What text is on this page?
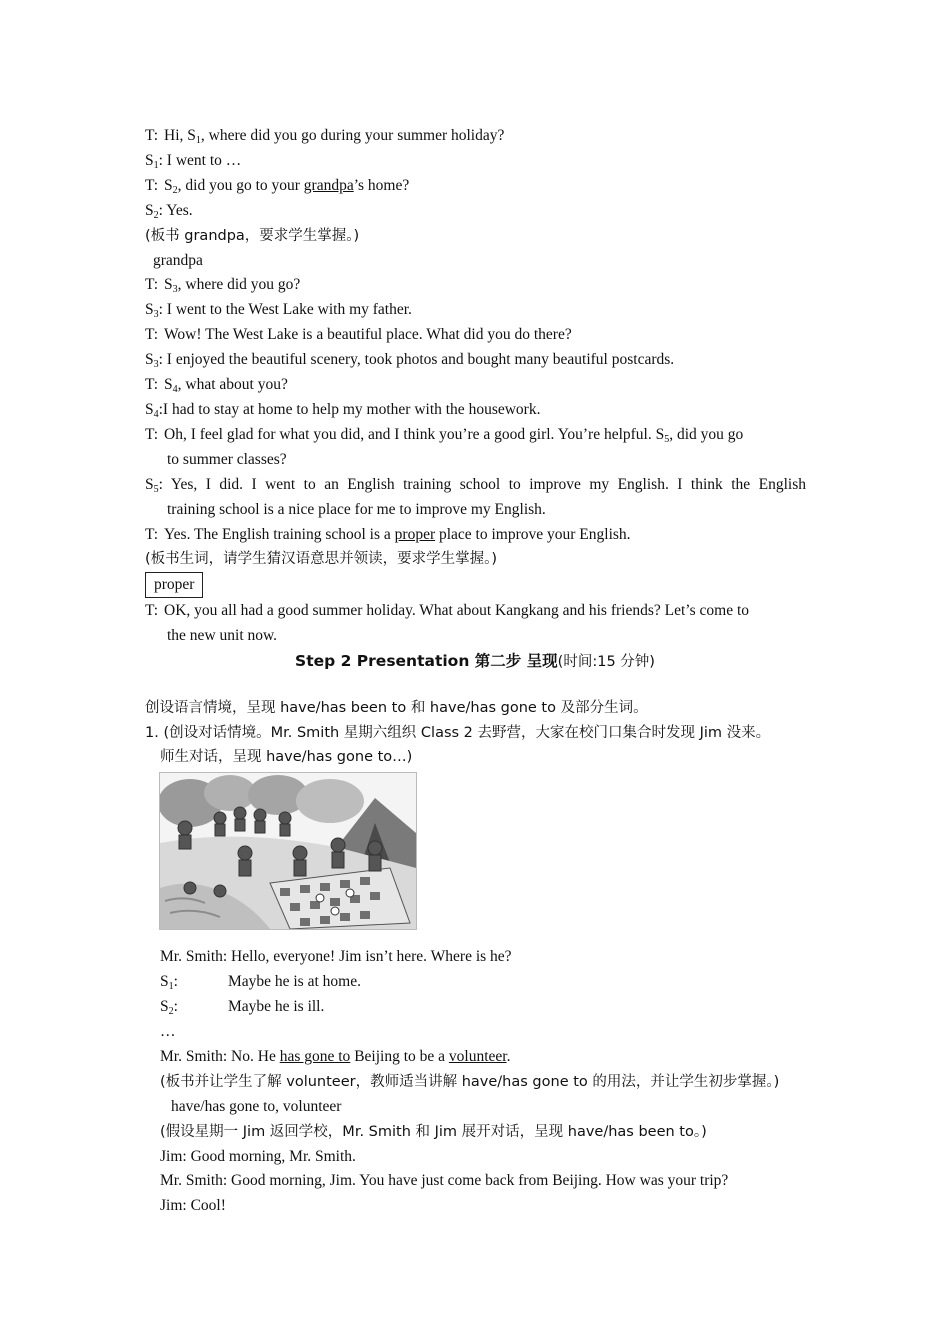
T: Hi, $S_1$, where did you go during your summer holiday?
$S_1$: I went to …
T: $S_2$, did you go to your grandpa’s home?
$S_2$: Yes.
(板书 grandpa，要求学生掌握。)
grandpa
T: $S_3$, where did you go?
$S_3$: I went to the West Lake with my father.
T: Wow! The West Lake is a beautiful place. What did you do there?
$S_3$: I enjoyed the beautiful scenery, took photos and bought many beautiful postcards.
T: $S_4$, what about you?
$S_4:I$ had to stay at home to help my mother with the housework.
T: Oh, I feel glad for what you did, and I think you’re a good girl. You’re helpful. $S_5$, did you go
to summer classes?
$S_5$: Yes, I did. I went to an English training school to improve my English. I think the English
training school is a nice place for me to improve my English.
T: Yes. The English training school is a proper place to improve your English.
(板书生词，请学生猜汉语意思并领读，要求学生掌握。)
proper
T: OK, you all had a good summer holiday. What about Kangkang and his friends? Let’s come to
the new unit now.
Step 2 Presentation 第二步 呈现(时间:15 分钟)
创设语言情境，呈现 have/has been to 和 have/has gone to 及部分生词。
1. (创设对话情境。Mr. Smith 星期六组织 Class 2 去野营，大家在校门口集合时发现 Jim 没来。
师生对话，呈现 have/has gone to…)
Mr. Smith: Hello, everyone! Jim isn’t here. Where is he?
$S_1$:	Maybe he is at home.
$S_2$:	Maybe he is ill.
…
Mr. Smith: No. He has gone to Beijing to be a volunteer.
(板书并让学生了解 volunteer，教师适当讲解 have/has gone to 的用法，并让学生初步掌握。)
have/has gone to, volunteer
(假设星期一 Jim 返回学校，Mr. Smith 和 Jim 展开对话，呈现 have/has been to。)
Jim: Good morning, Mr. Smith.
Mr. Smith: Good morning, Jim. You have just come back from Beijing. How was your trip?
Jim: Cool!
